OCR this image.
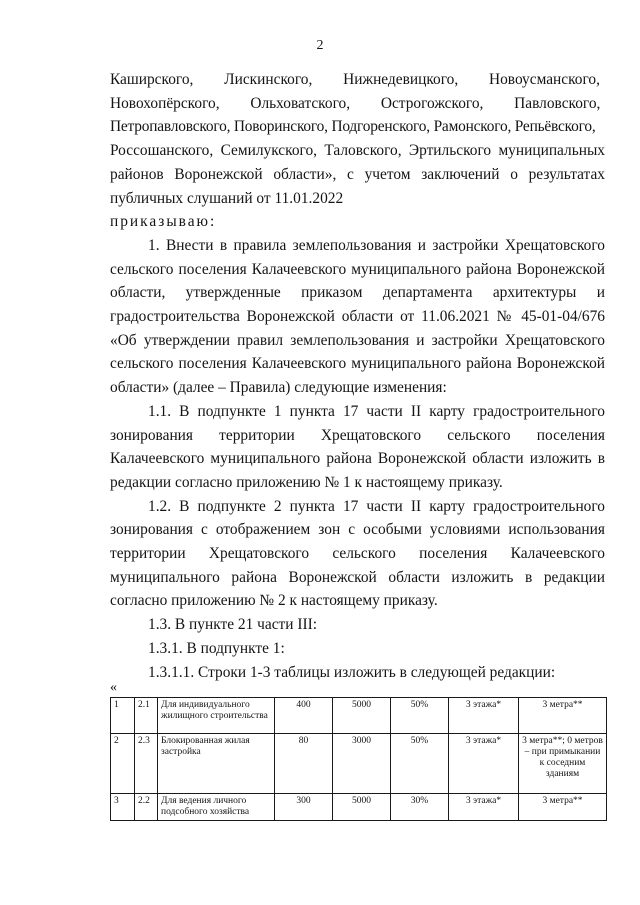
2

Каширского,        Лискинского,        Нижнедевицкого,        Новоусманского,

Новохопёрского,        Ольховатского,        Острогожского,        Павловского,

Петропавловского, Поворинского, Подгоренского, Рамонского, Репьёвского,

Россошанского, Семилукского, Таловского, Эртильского муниципальных районов Воронежской области», с учетом заключений о результатах публичных слушаний от 11.01.2022

приказываю:

1. Внести в правила землепользования и застройки Хрещатовского сельского поселения Калачеевского муниципального района Воронежской области, утвержденные приказом департамента архитектуры и градостроительства Воронежской области от 11.06.2021 № 45-01-04/676 «Об утверждении правил землепользования и застройки Хрещатовского сельского поселения Калачеевского муниципального района Воронежской области» (далее – Правила) следующие изменения:

1.1. В подпункте 1 пункта 17 части II карту градостроительного зонирования территории Хрещатовского сельского поселения Калачеевского муниципального района Воронежской области изложить в редакции согласно приложению № 1 к настоящему приказу.

1.2. В подпункте 2 пункта 17 части II карту градостроительного зонирования с отображением зон с особыми условиями использования территории Хрещатовского сельского поселения Калачеевского муниципального района Воронежской области изложить в редакции согласно приложению № 2 к настоящему приказу.

1.3. В пункте 21 части III:

1.3.1. В подпункте 1:

1.3.1.1. Строки 1-3 таблицы изложить в следующей редакции:

«
1	2.1	Для индивидуального жилищного строительства	400	5000	50%	3 этажа*	3 метра**
2	2.3	Блокированная жилая застройка	80	3000	50%	3 этажа*	3 метра**; 0 метров – при примыкании к соседним зданиям
3	2.2	Для ведения личного подсобного хозяйства	300	5000	30%	3 этажа*	3 метра**
